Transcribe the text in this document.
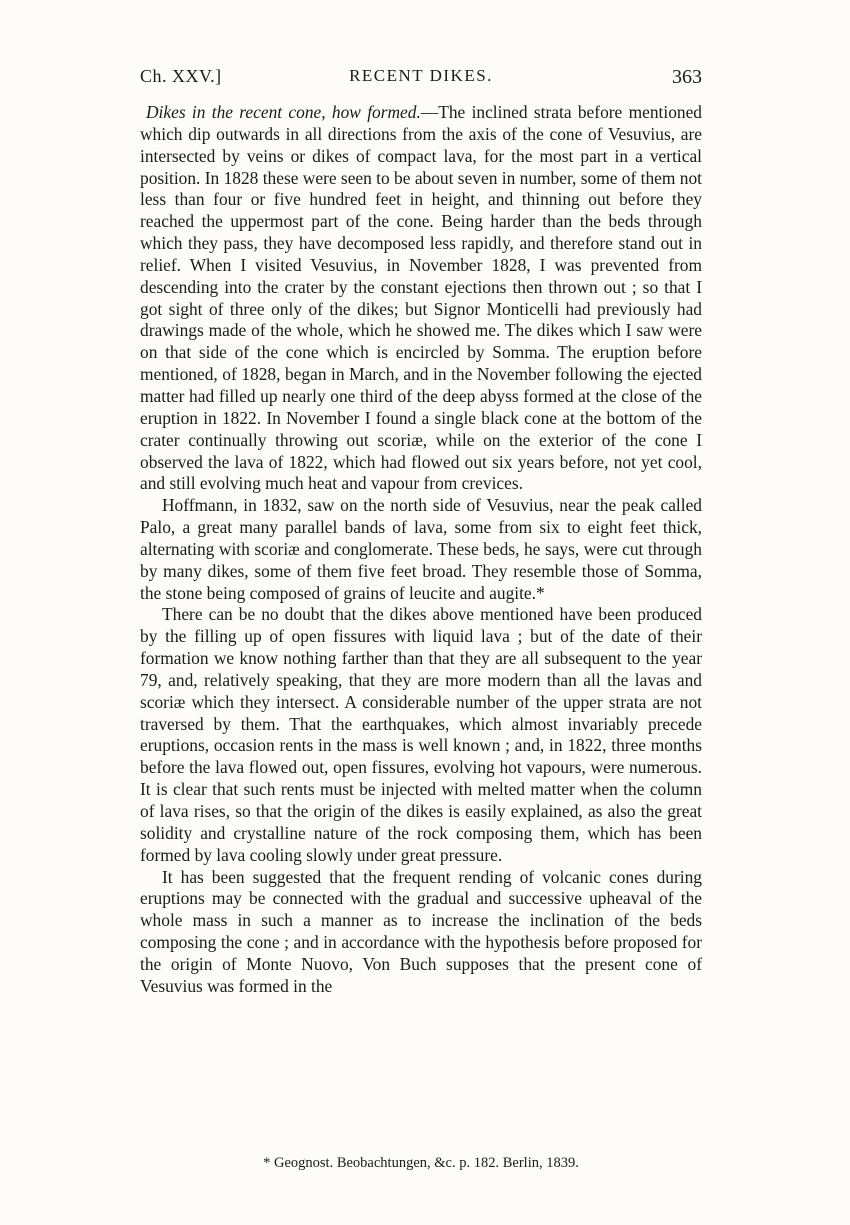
Ch. XXV.]	RECENT DIKES.	363

Dikes in the recent cone, how formed.—The inclined strata before mentioned which dip outwards in all directions from the axis of the cone of Vesuvius, are intersected by veins or dikes of compact lava, for the most part in a vertical position. In 1828 these were seen to be about seven in number, some of them not less than four or five hundred feet in height, and thinning out before they reached the uppermost part of the cone. Being harder than the beds through which they pass, they have decomposed less rapidly, and therefore stand out in relief. When I visited Vesuvius, in November 1828, I was prevented from descending into the crater by the constant ejections then thrown out ; so that I got sight of three only of the dikes; but Signor Monticelli had previously had drawings made of the whole, which he showed me. The dikes which I saw were on that side of the cone which is encircled by Somma. The eruption before mentioned, of 1828, began in March, and in the November following the ejected matter had filled up nearly one third of the deep abyss formed at the close of the eruption in 1822. In November I found a single black cone at the bottom of the crater continually throwing out scoriæ, while on the exterior of the cone I observed the lava of 1822, which had flowed out six years before, not yet cool, and still evolving much heat and vapour from crevices.

Hoffmann, in 1832, saw on the north side of Vesuvius, near the peak called Palo, a great many parallel bands of lava, some from six to eight feet thick, alternating with scoriæ and conglomerate. These beds, he says, were cut through by many dikes, some of them five feet broad. They resemble those of Somma, the stone being composed of grains of leucite and augite.*

There can be no doubt that the dikes above mentioned have been produced by the filling up of open fissures with liquid lava ; but of the date of their formation we know nothing farther than that they are all subsequent to the year 79, and, relatively speaking, that they are more modern than all the lavas and scoriæ which they intersect. A considerable number of the upper strata are not traversed by them. That the earthquakes, which almost invariably precede eruptions, occasion rents in the mass is well known ; and, in 1822, three months before the lava flowed out, open fissures, evolving hot vapours, were numerous. It is clear that such rents must be injected with melted matter when the column of lava rises, so that the origin of the dikes is easily explained, as also the great solidity and crystalline nature of the rock composing them, which has been formed by lava cooling slowly under great pressure.

It has been suggested that the frequent rending of volcanic cones during eruptions may be connected with the gradual and successive upheaval of the whole mass in such a manner as to increase the inclination of the beds composing the cone ; and in accordance with the hypothesis before proposed for the origin of Monte Nuovo, Von Buch supposes that the present cone of Vesuvius was formed in the

* Geognost. Beobachtungen, &c. p. 182. Berlin, 1839.
